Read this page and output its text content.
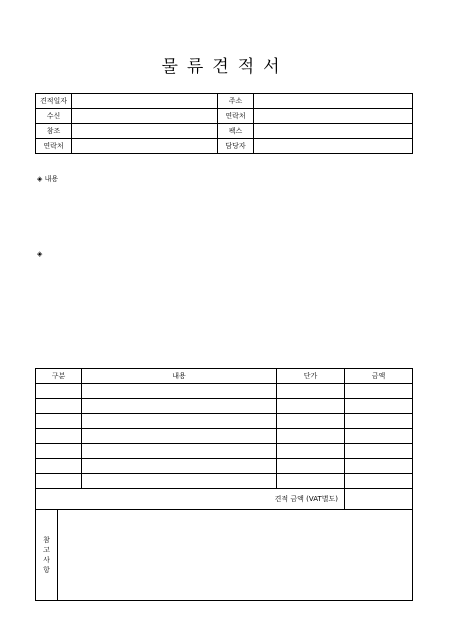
물류견적서
견적일자		주소	
수신		연락처	
참조		팩스	
연락처		담당자	
◈ 내용
◈
구분		내용	단가	금액

견적 금액 (VAT별도)				
참고사항				
